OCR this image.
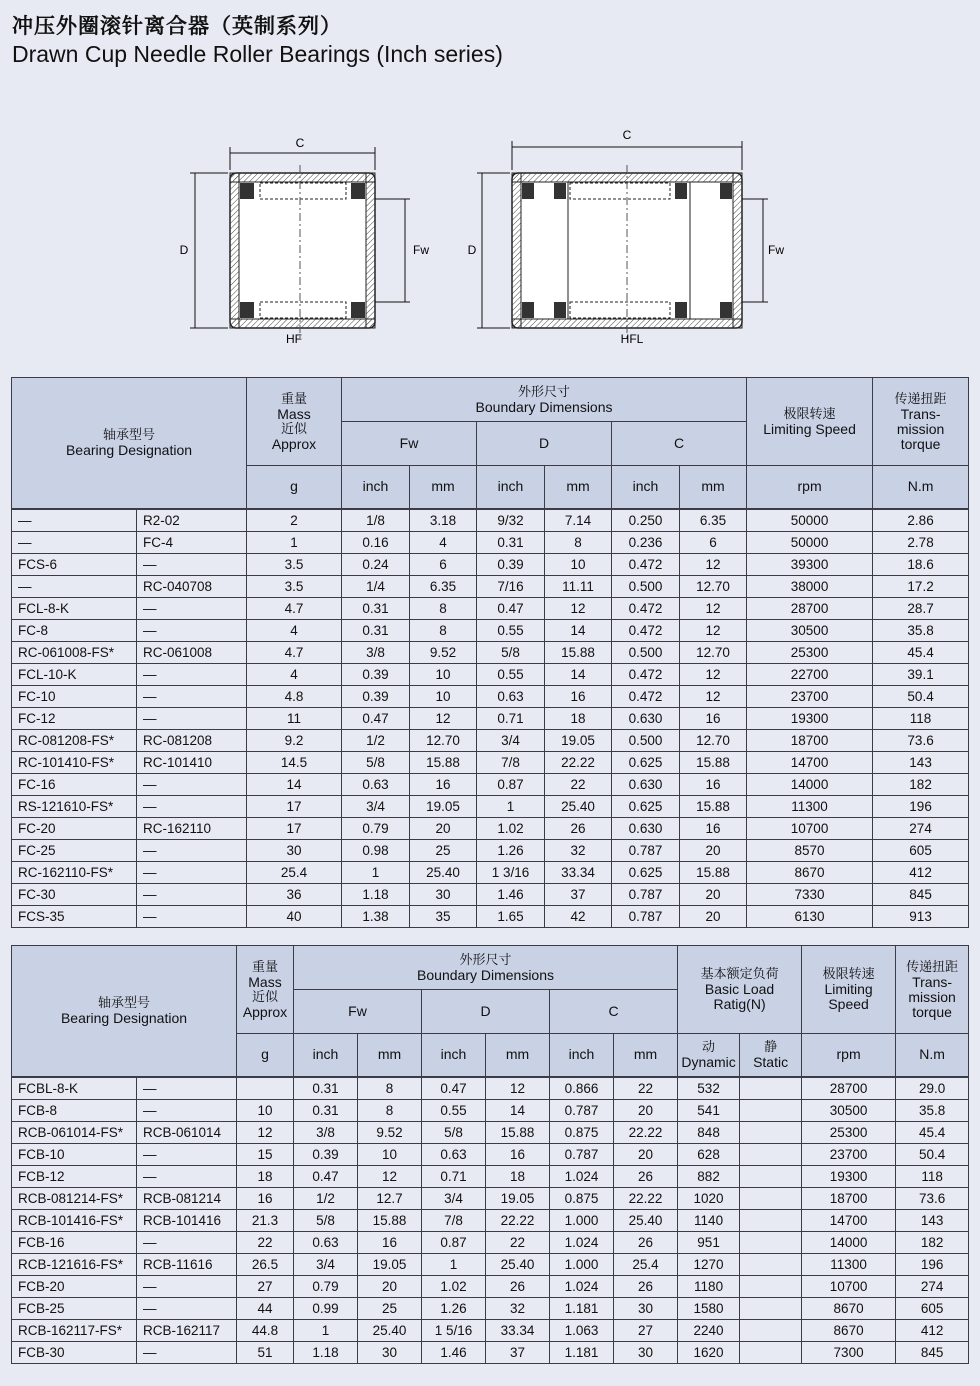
冲压外圈滚针离合器（英制系列）
Drawn Cup Needle Roller Bearings (Inch series)
C
D	Fw
HF
C
D	Fw
HFL
轴承型号
Bearing Designation		重量
Mass
近似
Approx	外形尺寸
Boundary Dimensions						极限转速
Limiting Speed	传递扭距
Trans-
mission
torque

			Fw		D		C			
		g	inch	mm	inch	mm	inch	mm	rpm	N.m
—	R2-02	2	1/8	3.18	9/32	7.14	0.250	6.35	50000	2.86
—	FC-4	1	0.16	4	0.31	8	0.236	6	50000	2.78
FCS-6	—	3.5	0.24	6	0.39	10	0.472	12	39300	18.6
—	RC-040708	3.5	1/4	6.35	7/16	11.11	0.500	12.70	38000	17.2
FCL-8-K	—	4.7	0.31	8	0.47	12	0.472	12	28700	28.7
FC-8	—	4	0.31	8	0.55	14	0.472	12	30500	35.8
RC-061008-FS*	RC-061008	4.7	3/8	9.52	5/8	15.88	0.500	12.70	25300	45.4
FCL-10-K	—	4	0.39	10	0.55	14	0.472	12	22700	39.1
FC-10	—	4.8	0.39	10	0.63	16	0.472	12	23700	50.4
FC-12	—	11	0.47	12	0.71	18	0.630	16	19300	118
RC-081208-FS*	RC-081208	9.2	1/2	12.70	3/4	19.05	0.500	12.70	18700	73.6
RC-101410-FS*	RC-101410	14.5	5/8	15.88	7/8	22.22	0.625	15.88	14700	143
FC-16	—	14	0.63	16	0.87	22	0.630	16	14000	182
RS-121610-FS*	—	17	3/4	19.05	1	25.40	0.625	15.88	11300	196
FC-20	RC-162110	17	0.79	20	1.02	26	0.630	16	10700	274
FC-25	—	30	0.98	25	1.26	32	0.787	20	8570	605
RC-162110-FS*	—	25.4	1	25.40	1 3/16	33.34	0.625	15.88	8670	412
FC-30	—	36	1.18	30	1.46	37	0.787	20	7330	845
FCS-35	—	40	1.38	35	1.65	42	0.787	20	6130	913
轴承型号
Bearing Designation		重量
Mass
近似
Approx	外形尺寸
Boundary Dimensions						基本额定负荷
Basic Load
Ratig(N)		极限转速
Limiting
Speed	传递扭距
Trans-
mission
torque

			Fw		D		C					
		g	inch	mm	inch	mm	inch	mm	动
Dynamic	静
Static	rpm	N.m
FCBL-8-K	—		0.31	8	0.47	12	0.866	22	532		28700	29.0
FCB-8	—	10	0.31	8	0.55	14	0.787	20	541		30500	35.8
RCB-061014-FS*	RCB-061014	12	3/8	9.52	5/8	15.88	0.875	22.22	848		25300	45.4
FCB-10	—	15	0.39	10	0.63	16	0.787	20	628		23700	50.4
FCB-12	—	18	0.47	12	0.71	18	1.024	26	882		19300	118
RCB-081214-FS*	RCB-081214	16	1/2	12.7	3/4	19.05	0.875	22.22	1020		18700	73.6
RCB-101416-FS*	RCB-101416	21.3	5/8	15.88	7/8	22.22	1.000	25.40	1140		14700	143
FCB-16	—	22	0.63	16	0.87	22	1.024	26	951		14000	182
RCB-121616-FS*	RCB-11616	26.5	3/4	19.05	1	25.40	1.000	25.4	1270		11300	196
FCB-20	—	27	0.79	20	1.02	26	1.024	26	1180		10700	274
FCB-25	—	44	0.99	25	1.26	32	1.181	30	1580		8670	605
RCB-162117-FS*	RCB-162117	44.8	1	25.40	1 5/16	33.34	1.063	27	2240		8670	412
FCB-30	—	51	1.18	30	1.46	37	1.181	30	1620		7300	845
